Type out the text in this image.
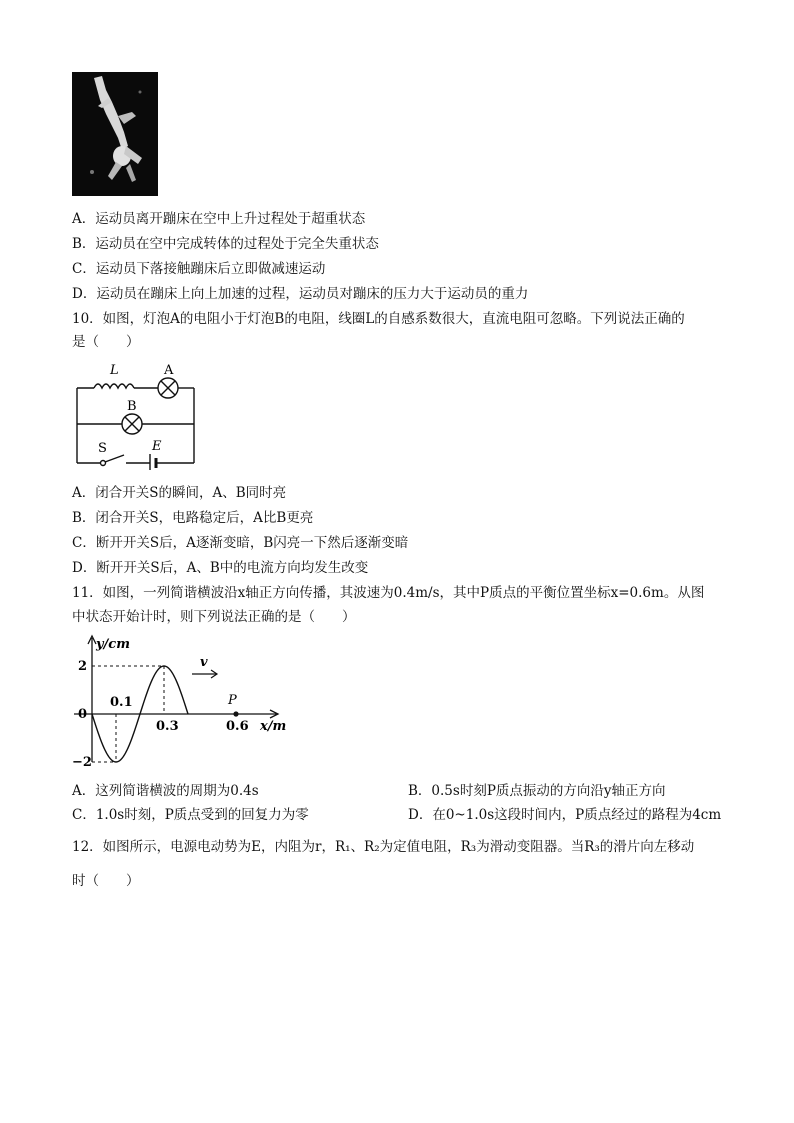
A．运动员离开蹦床在空中上升过程处于超重状态
B．运动员在空中完成转体的过程处于完全失重状态
C．运动员下落接触蹦床后立即做减速运动
D．运动员在蹦床上向上加速的过程，运动员对蹦床的压力大于运动员的重力
10．如图，灯泡A的电阻小于灯泡B的电阻，线圈L的自感系数很大，直流电阻可忽略。下列说法正确的
是（　　）
L	A
B
S	E
A．闭合开关S的瞬间，A、B同时亮
B．闭合开关S，电路稳定后，A比B更亮
C．断开开关S后，A逐渐变暗，B闪亮一下然后逐渐变暗
D．断开开关S后，A、B中的电流方向均发生改变
11．如图，一列简谐横波沿x轴正方向传播，其波速为0.4m/s，其中P质点的平衡位置坐标x=0.6m。从图
中状态开始计时，则下列说法正确的是（　　）
v
P
y/cm
x/m
2
0
−2
0.1
0.3	0.6
A．这列简谐横波的周期为0.4s	B．0.5s时刻P质点振动的方向沿y轴正方向
C．1.0s时刻，P质点受到的回复力为零	D．在0~1.0s这段时间内，P质点经过的路程为4cm
12．如图所示，电源电动势为E，内阻为r，R₁、R₂为定值电阻，R₃为滑动变阻器。当R₃的滑片向左移动
时（　　）
